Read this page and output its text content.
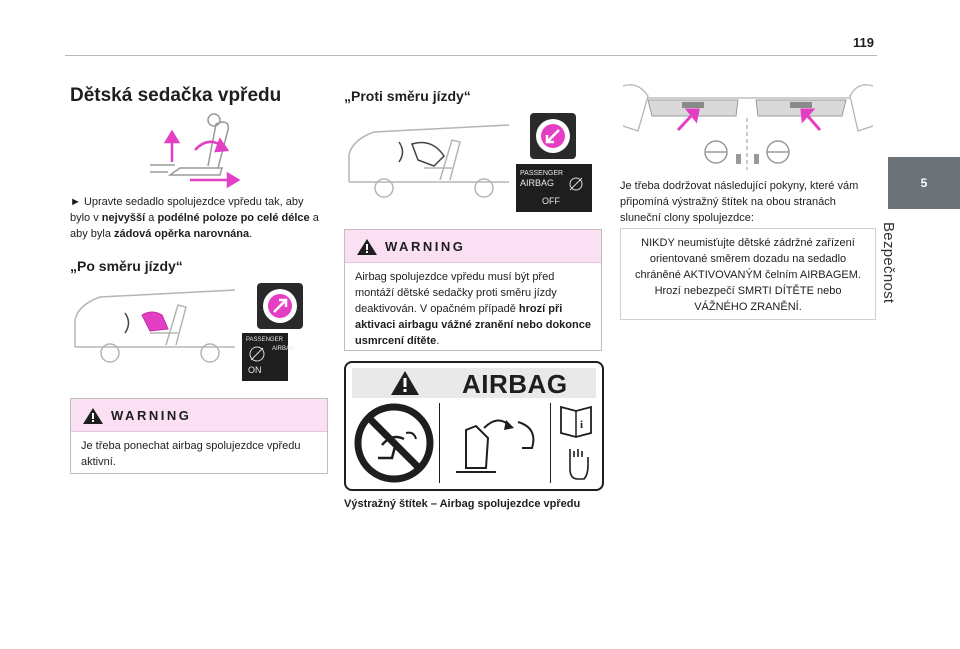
119
5
Bezpečnost
Dětská sedačka vpředu

► Upravte sedadlo spolujezdce vpředu tak, aby bylo v nejvyšší a podélné poloze po celé délce a aby byla zádová opěrka narovnána.

„Po směru jízdy“
PASSENGER
AIRBAG
ON
WARNING
Je třeba ponechat airbag spolujezdce vpředu aktivní.
„Proti směru jízdy“
PASSENGER
AIRBAG
OFF
WARNING
Airbag spolujezdce vpředu musí být před montáží dětské sedačky proti směru jízdy deaktivován. V opačném případě hrozí při aktivaci airbagu vážné zranění nebo dokonce usmrcení dítěte.
AIRBAG
i

Výstražný štítek – Airbag spolujezdce vpředu

Je třeba dodržovat následující pokyny, které vám připomíná výstražný štítek na obou stranách sluneční clony spolujezdce:

NIKDY neumisťujte dětské zádržné zařízení orientované směrem dozadu na sedadlo chráněné AKTIVOVANÝM čelním AIRBAGEM. Hrozí nebezpečí SMRTI DÍTĚTE nebo VÁŽNÉHO ZRANĚNÍ.
